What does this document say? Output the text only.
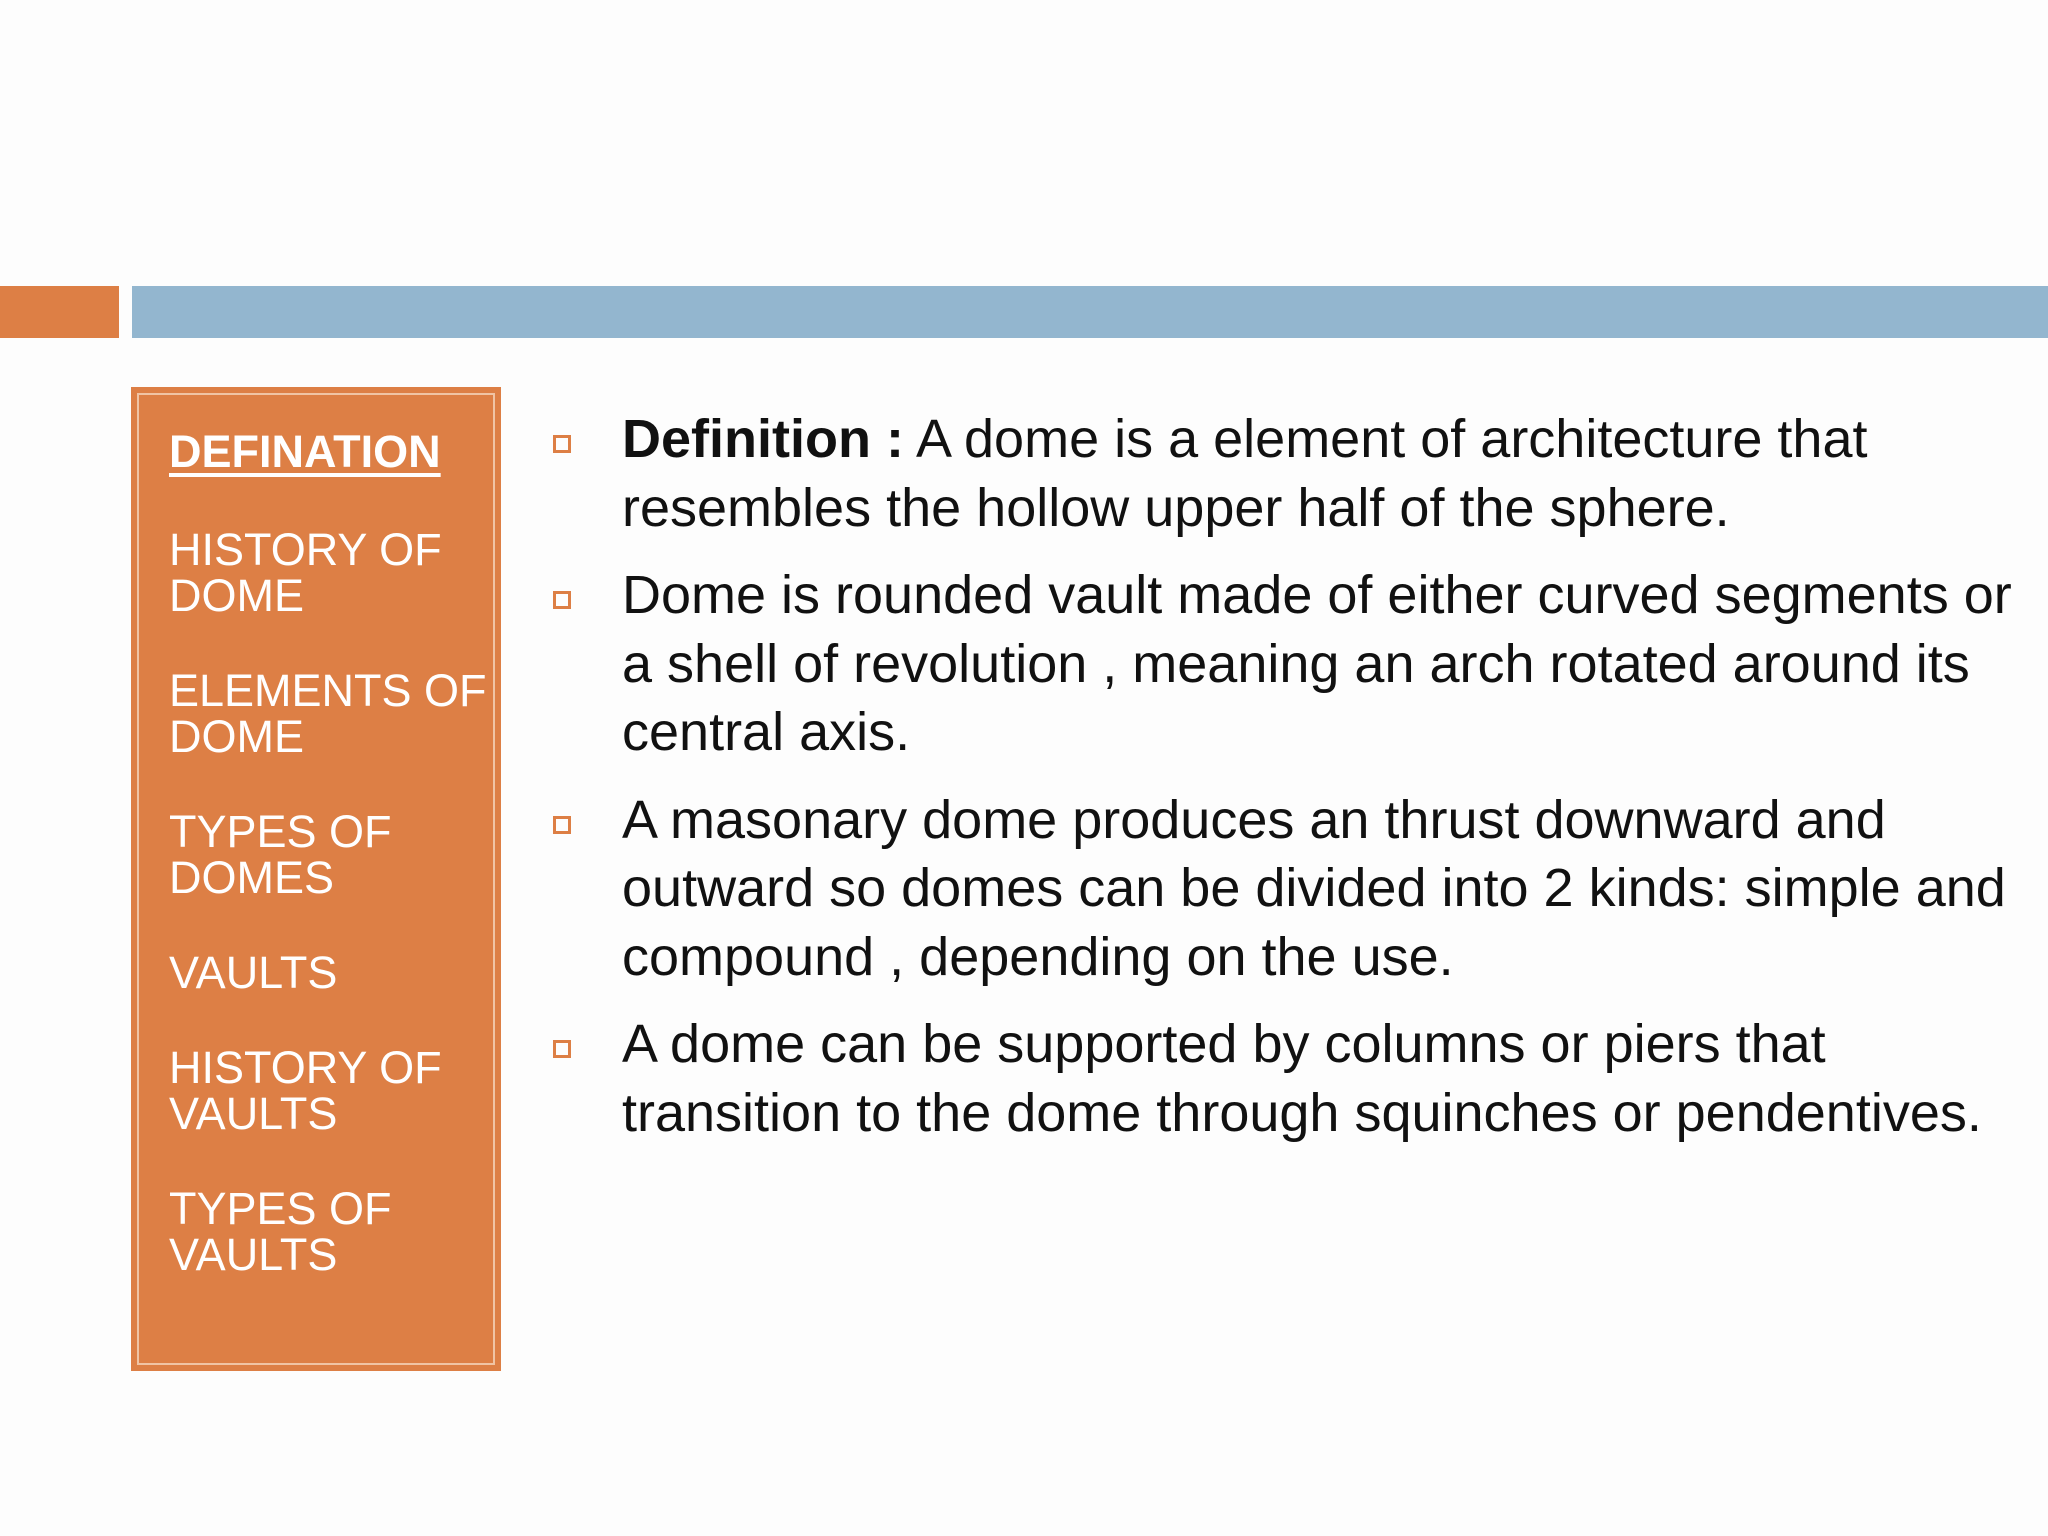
DEFINATION
HISTORY OF DOME
ELEMENTS OF DOME
TYPES OF DOMES
VAULTS
HISTORY OF VAULTS
TYPES OF VAULTS
Definition : A dome is a element of architecture that resembles the hollow upper half of the sphere.
Dome is rounded vault made of either curved segments or a shell of revolution , meaning an arch rotated around its central axis.
A masonary dome produces an thrust downward and outward so domes can be divided into 2 kinds: simple and compound , depending on the use.
A dome can be supported by columns or piers that transition to the dome through squinches or pendentives.
